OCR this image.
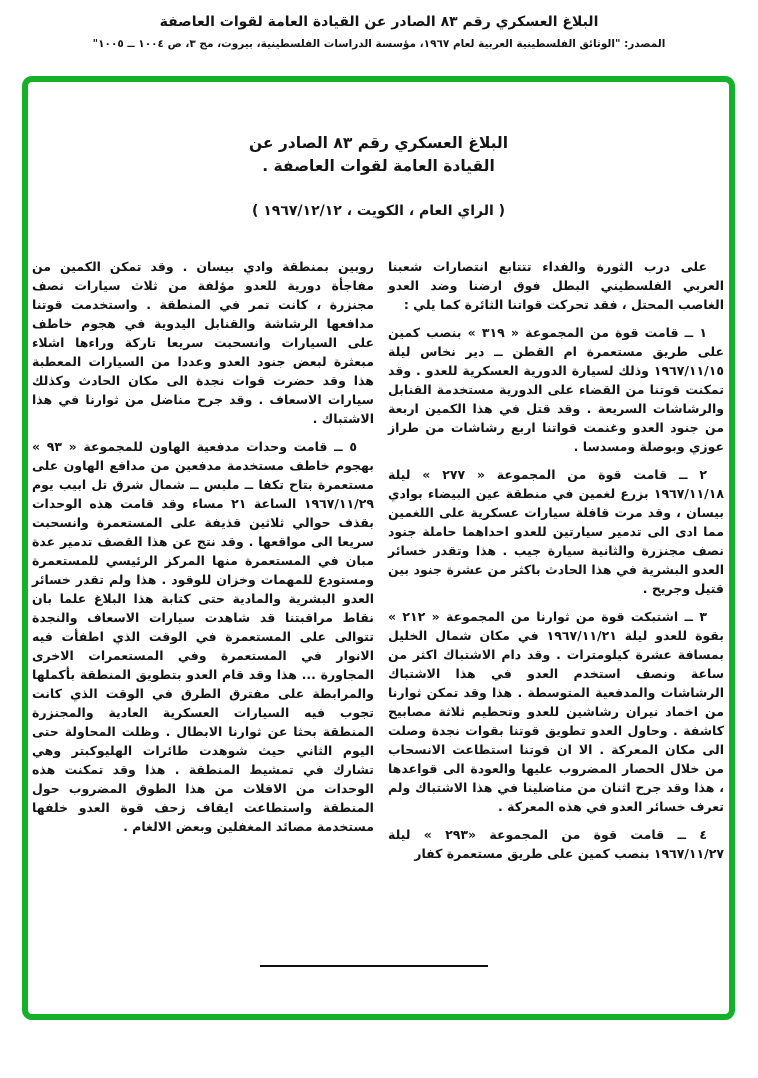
البلاغ العسكري رقم ٨٣ الصادر عن القيادة العامة لقوات العاصفة
المصدر: "الوثائق الفلسطينية العربية لعام ١٩٦٧، مؤسسة الدراسات الفلسطينية، بيروت، مج ٣، ص ١٠٠٤ ــ ١٠٠٥"
البلاغ العسكري رقم ٨٣ الصادر عن
القيادة العامة لقوات العاصفة .
( الراي العام ، الكويت ، ١٩٦٧/١٢/١٢ )

على درب الثورة والفداء تتتابع انتصارات شعبنا العربي الفلسطيني البطل فوق ارضنا وضد العدو الغاصب المحتل ، فقد تحركت قواتنا الثائرة كما يلي :

١ ــ قامت قوة من المجموعة « ٣١٩ » بنصب كمين على طريق مستعمرة ام القطن ــ دير نخاس ليلة ١٩٦٧/١١/١٥ وذلك لسيارة الدورية العسكرية للعدو . وقد تمكنت قوتنا من القضاء على الدورية مستخدمة القنابل والرشاشات السريعة . وقد قتل في هذا الكمين اربعة من جنود العدو وغنمت قواتنا اربع رشاشات من طراز عوزي وبوصلة ومسدسا .

٢ ــ قامت قوة من المجموعة « ٢٧٧ » ليلة ١٩٦٧/١١/١٨ بزرع لغمين في منطقة عين البيضاء بوادي بيسان ، وقد مرت قافلة سيارات عسكرية على اللغمين مما ادى الى تدمير سيارتين للعدو احداهما حاملة جنود نصف مجنزرة والثانية سيارة جيب . هذا وتقدر خسائر العدو البشرية في هذا الحادث باكثر من عشرة جنود بين قتيل وجريح .

٣ ــ اشتبكت قوة من ثوارنا من المجموعة « ٢١٢ » بقوة للعدو ليلة ١٩٦٧/١١/٢١ في مكان شمال الخليل بمسافة عشرة كيلومترات . وقد دام الاشتباك اكثر من ساعة ونصف استخدم العدو في هذا الاشتباك الرشاشات والمدفعية المتوسطة . هذا وقد تمكن ثوارنا من اخماد نيران رشاشين للعدو وتحطيم ثلاثة مصابيح كاشفة . وحاول العدو تطويق قوتنا بقوات نجدة وصلت الى مكان المعركة . الا ان قوتنا استطاعت الانسحاب من خلال الحصار المضروب عليها والعودة الى قواعدها ، هذا وقد جرح اثنان من مناضلينا في هذا الاشتباك ولم تعرف خسائر العدو في هذه المعركة .

٤ ــ قامت قوة من المجموعة «٢٩٣ » ليلة ١٩٦٧/١١/٢٧ بنصب كمين على طريق مستعمرة كفار

روبين بمنطقة وادي بيسان . وقد تمكن الكمين من مفاجأة دورية للعدو مؤلفة من ثلاث سيارات نصف مجنزرة ، كانت تمر في المنطقة . واستخدمت قوتنا مدافعها الرشاشة والقنابل اليدوية في هجوم خاطف على السيارات وانسحبت سريعا تاركة وراءها اشلاء مبعثرة لبعض جنود العدو وعددا من السيارات المعطبة هذا وقد حضرت قوات نجدة الى مكان الحادث وكذلك سيارات الاسعاف . وقد جرح مناضل من ثوارنا في هذا الاشتباك .

٥ ــ قامت وحدات مدفعية الهاون للمجموعة « ٩٣ » بهجوم خاطف مستخدمة مدفعين من مدافع الهاون على مستعمرة بتاح تكفا ــ ملبس ــ شمال شرق تل ابيب يوم ١٩٦٧/١١/٢٩ الساعة ٢١ مساء وقد قامت هذه الوحدات بقذف حوالي ثلاثين قذيفة على المستعمرة وانسحبت سريعا الى مواقعها . وقد نتج عن هذا القصف تدمير عدة مبان في المستعمرة منها المركز الرئيسي للمستعمرة ومستودع للمهمات وخزان للوقود . هذا ولم تقدر خسائر العدو البشرية والمادية حتى كتابة هذا البلاغ علما بان نقاط مراقبتنا قد شاهدت سيارات الاسعاف والنجدة تتوالى على المستعمرة في الوقت الذي اطفأت فيه الانوار في المستعمرة وفي المستعمرات الاخرى المجاورة ... هذا وقد قام العدو بتطويق المنطقة بأكملها والمرابطة على مفترق الطرق في الوقت الذي كانت تجوب فيه السيارات العسكرية العادية والمجنزرة المنطقة بحثا عن ثوارنا الابطال . وظلت المحاولة حتى اليوم الثاني حيث شوهدت طائرات الهليوكبتر وهي تشارك في تمشيط المنطقة . هذا وقد تمكنت هذه الوحدات من الافلات من هذا الطوق المضروب حول المنطقة واستطاعت ايقاف زحف قوة العدو خلفها مستخدمة مصائد المغفلين وبعض الالغام .
